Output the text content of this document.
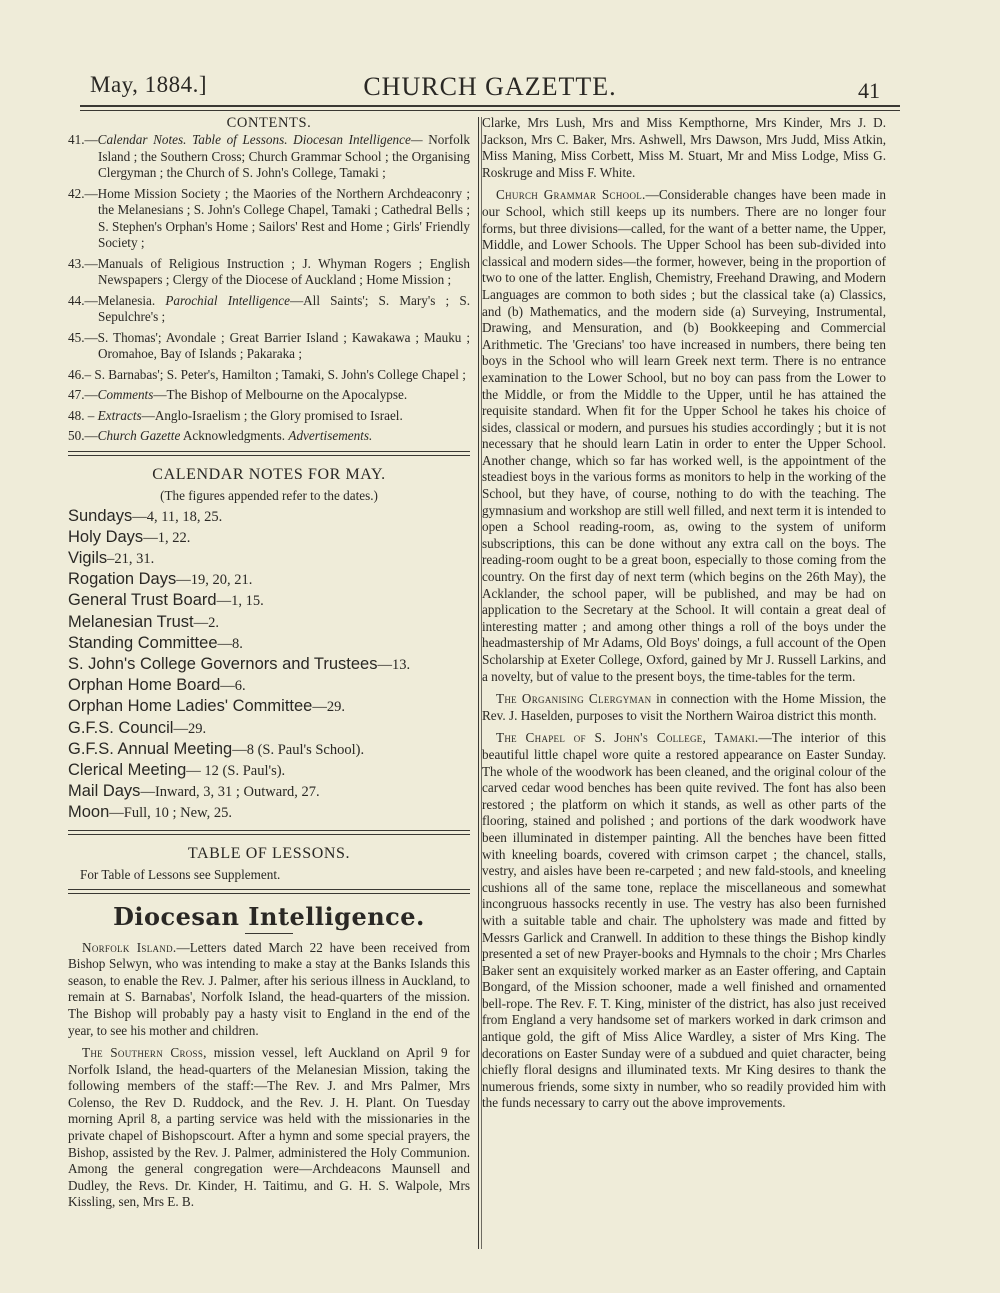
May, 1884.]	CHURCH GAZETTE.	41
CONTENTS.
41.—Calendar Notes. Table of Lessons. Diocesan Intelligence— Norfolk Island ; the Southern Cross; Church Grammar School ; the Organising Clergyman ; the Church of S. John's College, Tamaki ;
42.—Home Mission Society ; the Maories of the Northern Archdeaconry ; the Melanesians ; S. John's College Chapel, Tamaki ; Cathedral Bells ; S. Stephen's Orphan's Home ; Sailors' Rest and Home ; Girls' Friendly Society ;
43.—Manuals of Religious Instruction ; J. Whyman Rogers ; English Newspapers ; Clergy of the Diocese of Auckland ; Home Mission ;
44.—Melanesia. Parochial Intelligence—All Saints'; S. Mary's ; S. Sepulchre's ;
45.—S. Thomas'; Avondale ; Great Barrier Island ; Kawakawa ; Mauku ; Oromahoe, Bay of Islands ; Pakaraka ;
46.– S. Barnabas'; S. Peter's, Hamilton ; Tamaki, S. John's College Chapel ;
47.—Comments—The Bishop of Melbourne on the Apocalypse.
48. – Extracts—Anglo-Israelism ; the Glory promised to Israel.
50.—Church Gazette Acknowledgments. Advertisements.
CALENDAR NOTES FOR MAY.
(The figures appended refer to the dates.)
Sundays—4, 11, 18, 25.
Holy Days—1, 22.
Vigils–21, 31.
Rogation Days—19, 20, 21.
General Trust Board—1, 15.
Melanesian Trust—2.
Standing Committee—8.
S. John's College Governors and Trustees—13.
Orphan Home Board—6.
Orphan Home Ladies' Committee—29.
G.F.S. Council—29.
G.F.S. Annual Meeting—8 (S. Paul's School).
Clerical Meeting— 12 (S. Paul's).
Mail Days—Inward, 3, 31 ; Outward, 27.
Moon—Full, 10 ; New, 25.
TABLE OF LESSONS.
For Table of Lessons see Supplement.
Diocesan Intelligence.

Norfolk Island.—Letters dated March 22 have been received from Bishop Selwyn, who was intending to make a stay at the Banks Islands this season, to enable the Rev. J. Palmer, after his serious illness in Auckland, to remain at S. Barnabas', Norfolk Island, the head-quarters of the mission. The Bishop will probably pay a hasty visit to England in the end of the year, to see his mother and children.

The Southern Cross, mission vessel, left Auckland on April 9 for Norfolk Island, the head-quarters of the Melanesian Mission, taking the following members of the staff:—The Rev. J. and Mrs Palmer, Mrs Colenso, the Rev D. Ruddock, and the Rev. J. H. Plant. On Tuesday morning April 8, a parting service was held with the missionaries in the private chapel of Bishopscourt. After a hymn and some special prayers, the Bishop, assisted by the Rev. J. Palmer, administered the Holy Communion. Among the general congregation were—Archdeacons Maunsell and Dudley, the Revs. Dr. Kinder, H. Taitimu, and G. H. S. Walpole, Mrs Kissling, sen, Mrs E. B.

Clarke, Mrs Lush, Mrs and Miss Kempthorne, Mrs Kinder, Mrs J. D. Jackson, Mrs C. Baker, Mrs. Ashwell, Mrs Dawson, Mrs Judd, Miss Atkin, Miss Maning, Miss Corbett, Miss M. Stuart, Mr and Miss Lodge, Miss G. Roskruge and Miss F. White.

Church Grammar School.—Considerable changes have been made in our School, which still keeps up its numbers. There are no longer four forms, but three divisions—called, for the want of a better name, the Upper, Middle, and Lower Schools. The Upper School has been sub-divided into classical and modern sides—the former, however, being in the proportion of two to one of the latter. English, Chemistry, Freehand Drawing, and Modern Languages are common to both sides ; but the classical take (a) Classics, and (b) Mathematics, and the modern side (a) Surveying, Instrumental, Drawing, and Mensuration, and (b) Bookkeeping and Commercial Arithmetic. The 'Grecians' too have increased in numbers, there being ten boys in the School who will learn Greek next term. There is no entrance examination to the Lower School, but no boy can pass from the Lower to the Middle, or from the Middle to the Upper, until he has attained the requisite standard. When fit for the Upper School he takes his choice of sides, classical or modern, and pursues his studies accordingly ; but it is not necessary that he should learn Latin in order to enter the Upper School. Another change, which so far has worked well, is the appointment of the steadiest boys in the various forms as monitors to help in the working of the School, but they have, of course, nothing to do with the teaching. The gymnasium and workshop are still well filled, and next term it is intended to open a School reading-room, as, owing to the system of uniform subscriptions, this can be done without any extra call on the boys. The reading-room ought to be a great boon, especially to those coming from the country. On the first day of next term (which begins on the 26th May), the Acklander, the school paper, will be published, and may be had on application to the Secretary at the School. It will contain a great deal of interesting matter ; and among other things a roll of the boys under the headmastership of Mr Adams, Old Boys' doings, a full account of the Open Scholarship at Exeter College, Oxford, gained by Mr J. Russell Larkins, and a novelty, but of value to the present boys, the time-tables for the term.

The Organising Clergyman in connection with the Home Mission, the Rev. J. Haselden, purposes to visit the Northern Wairoa district this month.

The Chapel of S. John's College, Tamaki.—The interior of this beautiful little chapel wore quite a restored appearance on Easter Sunday. The whole of the woodwork has been cleaned, and the original colour of the carved cedar wood benches has been quite revived. The font has also been restored ; the platform on which it stands, as well as other parts of the flooring, stained and polished ; and portions of the dark woodwork have been illuminated in distemper painting. All the benches have been fitted with kneeling boards, covered with crimson carpet ; the chancel, stalls, vestry, and aisles have been re-carpeted ; and new fald-stools, and kneeling cushions all of the same tone, replace the miscellaneous and somewhat incongruous hassocks recently in use. The vestry has also been furnished with a suitable table and chair. The upholstery was made and fitted by Messrs Garlick and Cranwell. In addition to these things the Bishop kindly presented a set of new Prayer-books and Hymnals to the choir ; Mrs Charles Baker sent an exquisitely worked marker as an Easter offering, and Captain Bongard, of the Mission schooner, made a well finished and ornamented bell-rope. The Rev. F. T. King, minister of the district, has also just received from England a very handsome set of markers worked in dark crimson and antique gold, the gift of Miss Alice Wardley, a sister of Mrs King. The decorations on Easter Sunday were of a subdued and quiet character, being chiefly floral designs and illuminated texts. Mr King desires to thank the numerous friends, some sixty in number, who so readily provided him with the funds necessary to carry out the above improvements.
